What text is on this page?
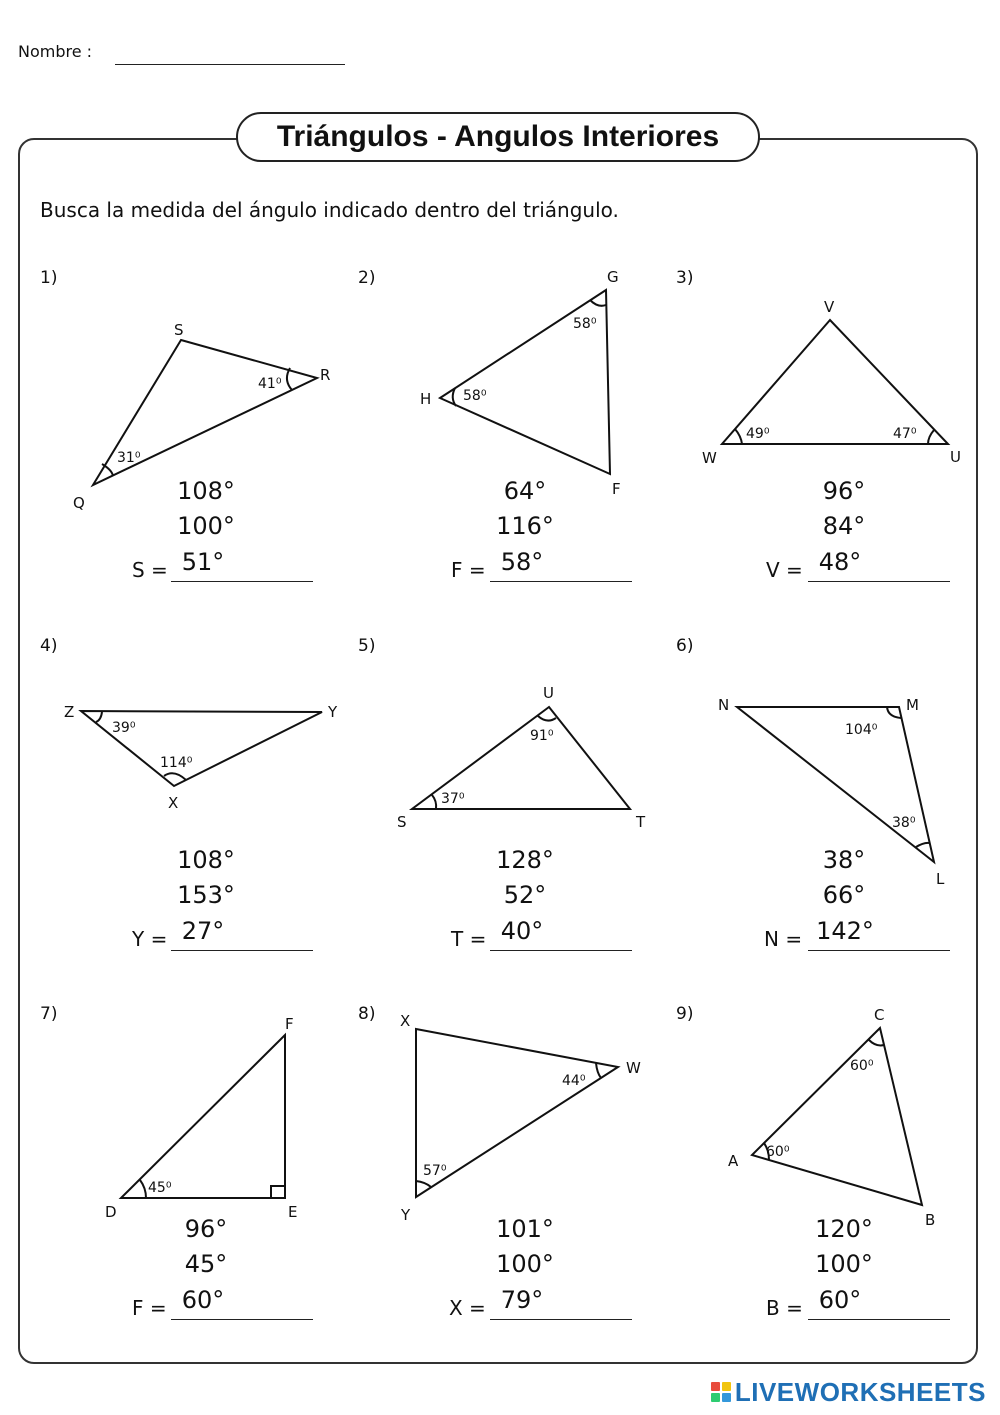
Nombre :
Triángulos - Angulos Interiores
Busca la medida del ángulo indicado dentro del triángulo.
1)	2)	3)
4)	5)	6)
7)	8)	9)
S
R
Q
41⁰
31⁰
G
H
F
58⁰
58⁰
V
W	U
49⁰	47⁰
Z	Y
X
39⁰
114⁰
U
S	T
91⁰
37⁰
N	M
L
104⁰
38⁰
F
D	E
45⁰
X
W
Y
44⁰
57⁰
C
A
B
60⁰
60⁰
108°
100°
S = 51°
64°
116°
F = 58°
96°
84°
V = 48°
108°
153°
Y = 27°
128°
52°
T = 40°
38°
66°
N = 142°
96°
45°
F = 60°
101°
100°
X = 79°
120°
100°
B = 60°
LIVEWORKSHEETS
